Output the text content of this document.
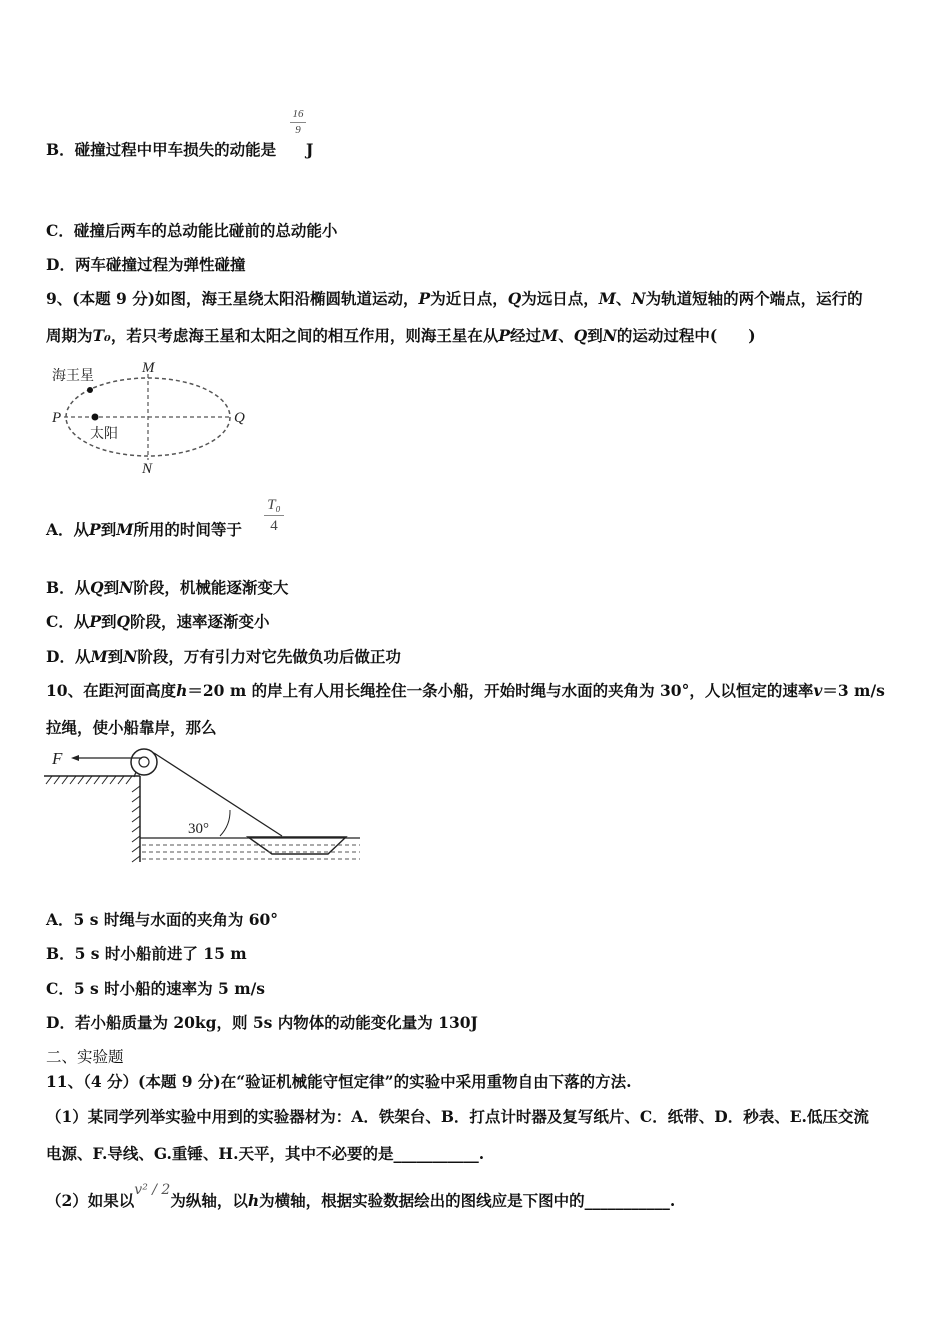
B．碰撞过程中甲车损失的动能是
16
9
J
C．碰撞后两车的总动能比碰前的总动能小
D．两车碰撞过程为弹性碰撞
9、(本题 9 分)如图，海王星绕太阳沿椭圆轨道运动，P为近日点，Q为远日点，M、N为轨道短轴的两个端点，运行的
周期为T₀，若只考虑海王星和太阳之间的相互作用，则海王星在从P经过M、Q到N的运动过程中(　　)
海王星
太阳
P	Q
M
N
A．从P到M所用的时间等于
T₀
4
B．从Q到N阶段，机械能逐渐变大
C．从P到Q阶段，速率逐渐变小
D．从M到N阶段，万有引力对它先做负功后做正功
10、在距河面高度h＝20 m 的岸上有人用长绳拴住一条小船，开始时绳与水面的夹角为 30°，人以恒定的速率v＝3 m/s
拉绳，使小船靠岸，那么
F
30°
A．5 s 时绳与水面的夹角为 60°
B．5 s 时小船前进了 15 m
C．5 s 时小船的速率为 5 m/s
D．若小船质量为 20kg，则 5s 内物体的动能变化量为 130J
二、实验题
11、（4 分）(本题 9 分)在“验证机械能守恒定律”的实验中采用重物自由下落的方法.
（1）某同学列举实验中用到的实验器材为：A．铁架台、B．打点计时器及复写纸片、C．纸带、D．秒表、E.低压交流
电源、F.导线、G.重锤、H.天平，其中不必要的是___________.
（2）如果以v² / 2为纵轴，以h为横轴，根据实验数据绘出的图线应是下图中的___________.
